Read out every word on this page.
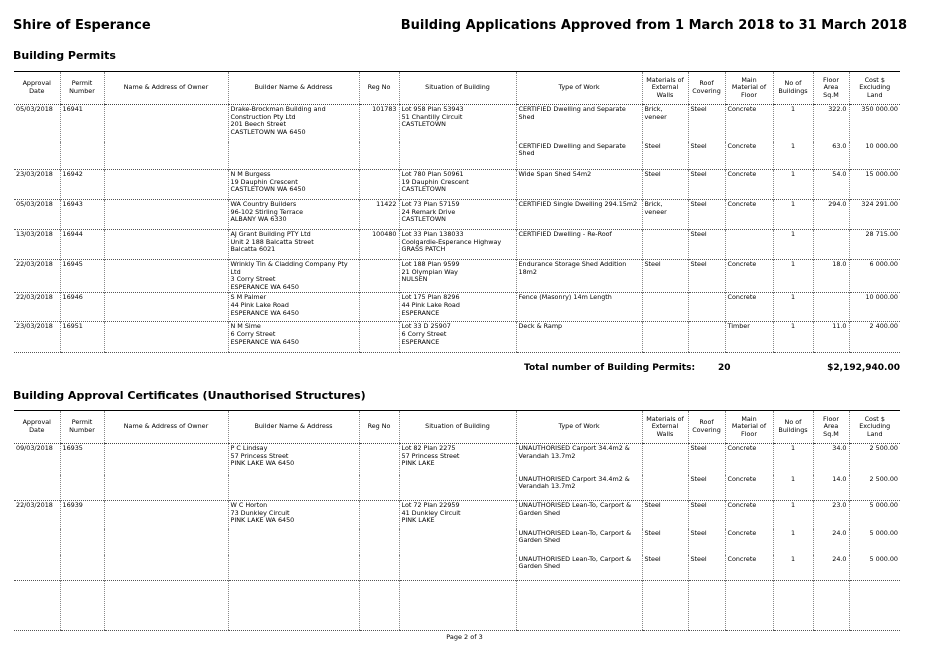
Shire of Esperance	Building Applications Approved from 1 March 2018 to 31 March 2018
Building Permits
Approval Date	Permit Number	Name & Address of Owner	Builder Name & Address	Reg No	Situation of Building	Type of Work	Materials of External Walls	Roof Covering	Main Material of Floor	No of Buildings	Floor Area Sq.M	Cost $ Excluding Land
05/03/2018	16941		Drake-Brockman Building and Construction Pty Ltd
201 Beech Street
CASTLETOWN WA 6450	101783	Lot 958 Plan 53943
51 Chantilly Circuit
CASTLETOWN	CERTIFIED Dwelling and Separate Shed	Brick, veneer	Steel	Concrete	1	322.0	350 000.00
						CERTIFIED Dwelling and Separate Shed	Steel	Steel	Concrete	1	63.0	10 000.00
23/03/2018	16942		N M Burgess
19 Dauphin Crescent
CASTLETOWN WA 6450		Lot 780 Plan 50961
19 Dauphin Crescent
CASTLETOWN	Wide Span Shed 54m2	Steel	Steel	Concrete	1	54.0	15 000.00
05/03/2018	16943		WA Country Builders
96-102 Stirling Terrace
ALBANY WA 6330	11422	Lot 73 Plan 57159
24 Remark Drive
CASTLETOWN	CERTIFIED Single Dwelling 294.15m2	Brick, veneer	Steel	Concrete	1	294.0	324 291.00
13/03/2018	16944		AJ Grant Building PTY Ltd
Unit 2 188 Balcatta Street
Balcatta 6021	100480	Lot 33 Plan 138033
Coolgardie-Esperance Highway
GRASS PATCH	CERTIFIED Dwelling - Re-Roof		Steel		1		28 715.00
22/03/2018	16945		Wrinkly Tin & Cladding Company Pty Ltd
3 Corry Street
ESPERANCE WA 6450		Lot 188 Plan 9599
21 Olympian Way
NULSEN	Endurance Storage Shed Addition 18m2	Steel	Steel	Concrete	1	18.0	6 000.00
22/03/2018	16946		S M Palmer
44 Pink Lake Road
ESPERANCE WA 6450		Lot 175 Plan 8296
44 Pink Lake Road
ESPERANCE	Fence (Masonry) 14m Length			Concrete	1		10 000.00
23/03/2018	16951		N M Sime
6 Corry Street
ESPERANCE WA 6450		Lot 33 D 25907
6 Corry Street
ESPERANCE	Deck & Ramp			Timber	1	11.0	2 400.00
Total number of Building Permits:	20	$2,192,940.00
Building Approval Certificates (Unauthorised Structures)
Approval Date	Permit Number	Name & Address of Owner	Builder Name & Address	Reg No	Situation of Building	Type of Work	Materials of External Walls	Roof Covering	Main Material of Floor	No of Buildings	Floor Area Sq.M	Cost $ Excluding Land
09/03/2018	16935		P C Lindsay
57 Princess Street
PINK LAKE WA 6450		Lot 82 Plan 2275
57 Princess Street
PINK LAKE	UNAUTHORISED Carport 34.4m2 & Verandah 13.7m2		Steel	Concrete	1	34.0	2 500.00
						UNAUTHORISED Carport 34.4m2 & Verandah 13.7m2		Steel	Concrete	1	14.0	2 500.00
22/03/2018	16939		W C Horton
73 Dunkley Circuit
PINK LAKE WA 6450		Lot 72 Plan 22959
41 Dunkley Circuit
PINK LAKE	UNAUTHORISED Lean-To, Carport & Garden Shed	Steel	Steel	Concrete	1	23.0	5 000.00
						UNAUTHORISED Lean-To, Carport & Garden Shed	Steel	Steel	Concrete	1	24.0	5 000.00
						UNAUTHORISED Lean-To, Carport & Garden Shed	Steel	Steel	Concrete	1	24.0	5 000.00

Page 2 of 3
